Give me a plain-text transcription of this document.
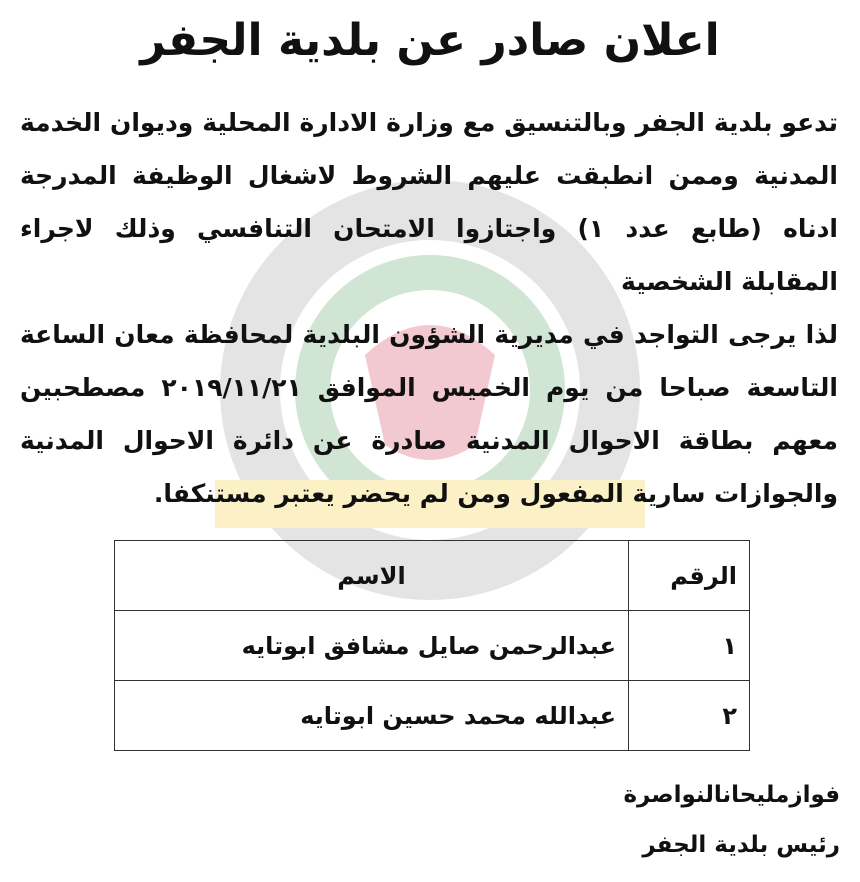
اعلان صادر عن بلدية الجفر

تدعو بلدية الجفر وبالتنسيق مع وزارة الادارة المحلية وديوان الخدمة المدنية وممن انطبقت عليهم الشروط لاشغال الوظيفة المدرجة ادناه (طابع عدد ١) واجتازوا الامتحان التنافسي وذلك لاجراء المقابلة الشخصية

لذا يرجى التواجد في مديرية الشؤون البلدية لمحافظة معان الساعة التاسعة صباحا من يوم الخميس الموافق ٢٠١٩/١١/٢١ مصطحبين معهم بطاقة الاحوال المدنية صادرة عن دائرة الاحوال المدنية والجوازات سارية المفعول ومن لم يحضر يعتبر مستنكفا.

الرقم	الاسم
١	عبدالرحمن صايل مشافق ابوتايه
٢	عبدالله محمد حسين ابوتايه
فوازمليحانالنواصرة
رئيس بلدية الجفر
